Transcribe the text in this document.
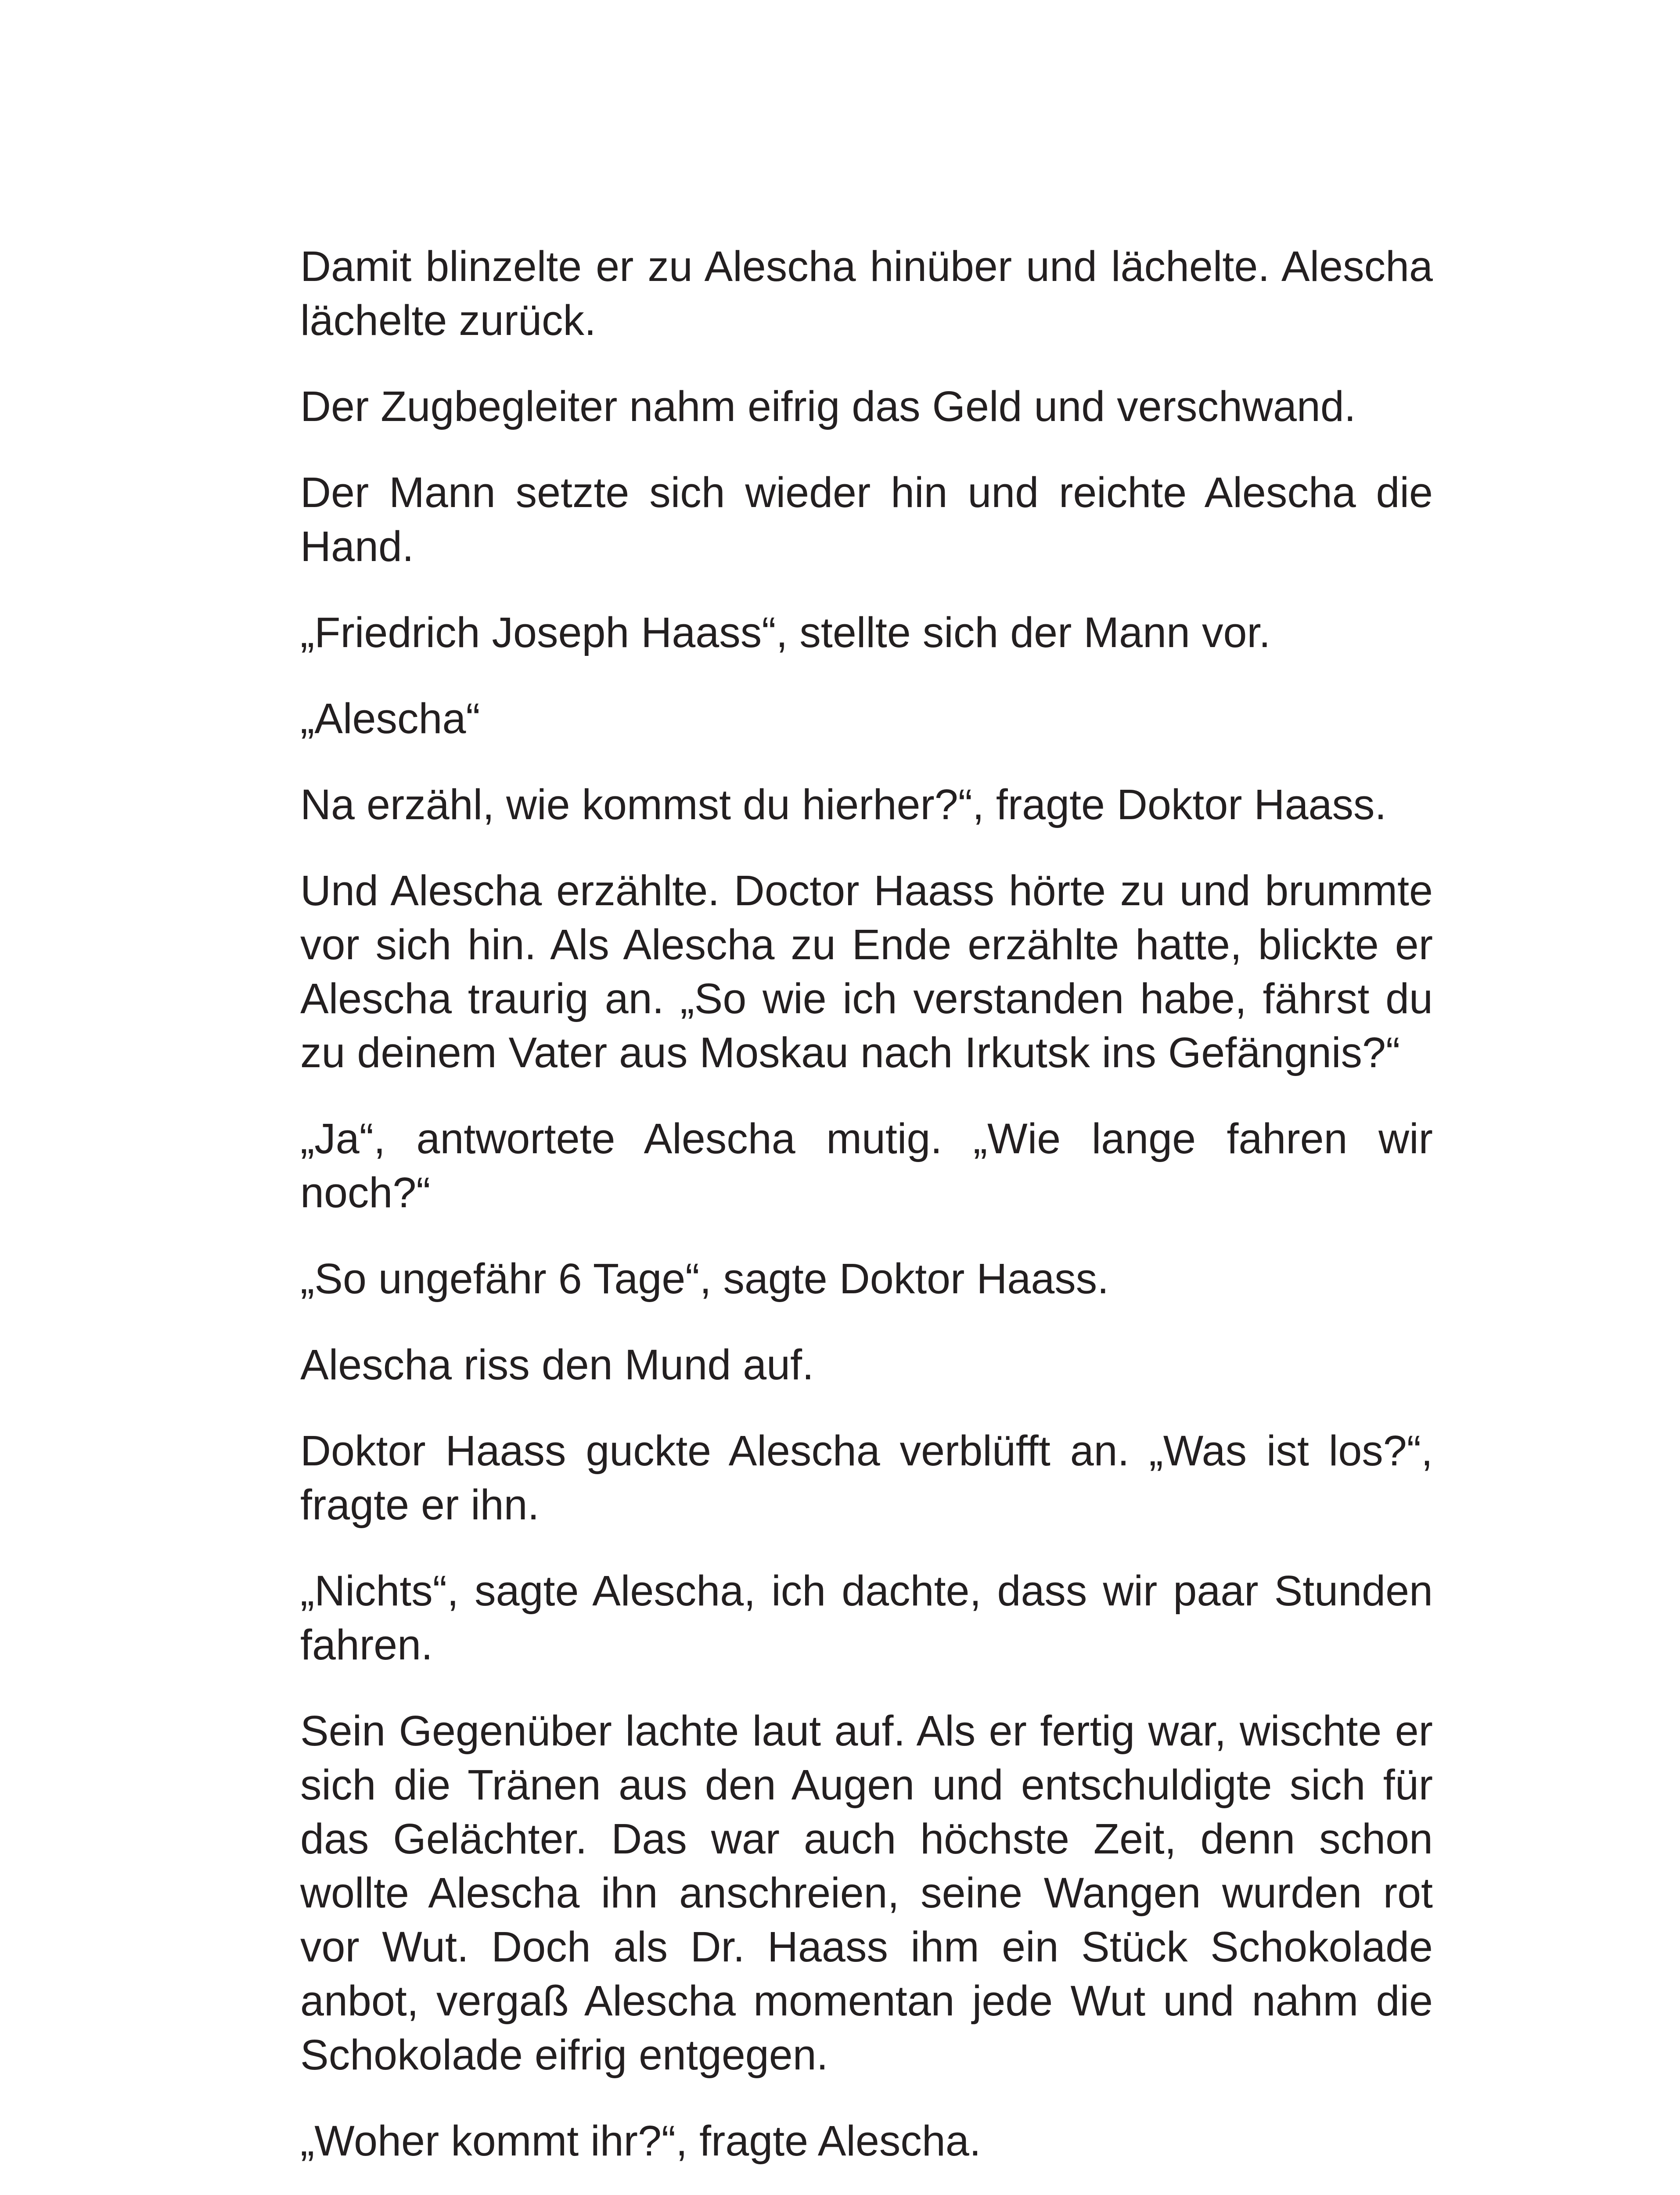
Damit blinzelte er zu Alescha hinüber und lächelte. Alescha lächelte zurück.

Der Zugbegleiter nahm eifrig das Geld und verschwand.

Der Mann setzte sich wieder hin und reichte Alescha die Hand.

„Friedrich Joseph Haass“, stellte sich der Mann vor.

„Alescha“

Na erzähl, wie kommst du hierher?“, fragte Doktor Haass.

Und Alescha erzählte. Doctor Haass hörte zu und brummte vor sich hin. Als Alescha zu Ende erzählte hatte, blickte er Alescha traurig an. „So wie ich verstanden habe, fährst du zu deinem Vater aus Moskau nach Irkutsk ins Gefängnis?“

„Ja“, antwortete Alescha mutig. „Wie lange fahren wir noch?“

„So ungefähr 6 Tage“, sagte Doktor Haass.

Alescha riss den Mund auf.

Doktor Haass guckte Alescha verblüfft an. „Was ist los?“, fragte er ihn.

„Nichts“, sagte Alescha, ich dachte, dass wir paar Stunden fahren.

Sein Gegenüber lachte laut auf. Als er fertig war, wischte er sich die Tränen aus den Augen und entschuldigte sich für das Gelächter. Das war auch höchste Zeit, denn schon wollte Alescha ihn anschreien, seine Wangen wurden rot vor Wut. Doch als Dr. Haass ihm ein Stück Schokolade anbot, vergaß Alescha momentan jede Wut und nahm die Schokolade eifrig entgegen.

„Woher kommt ihr?“, fragte Alescha.
